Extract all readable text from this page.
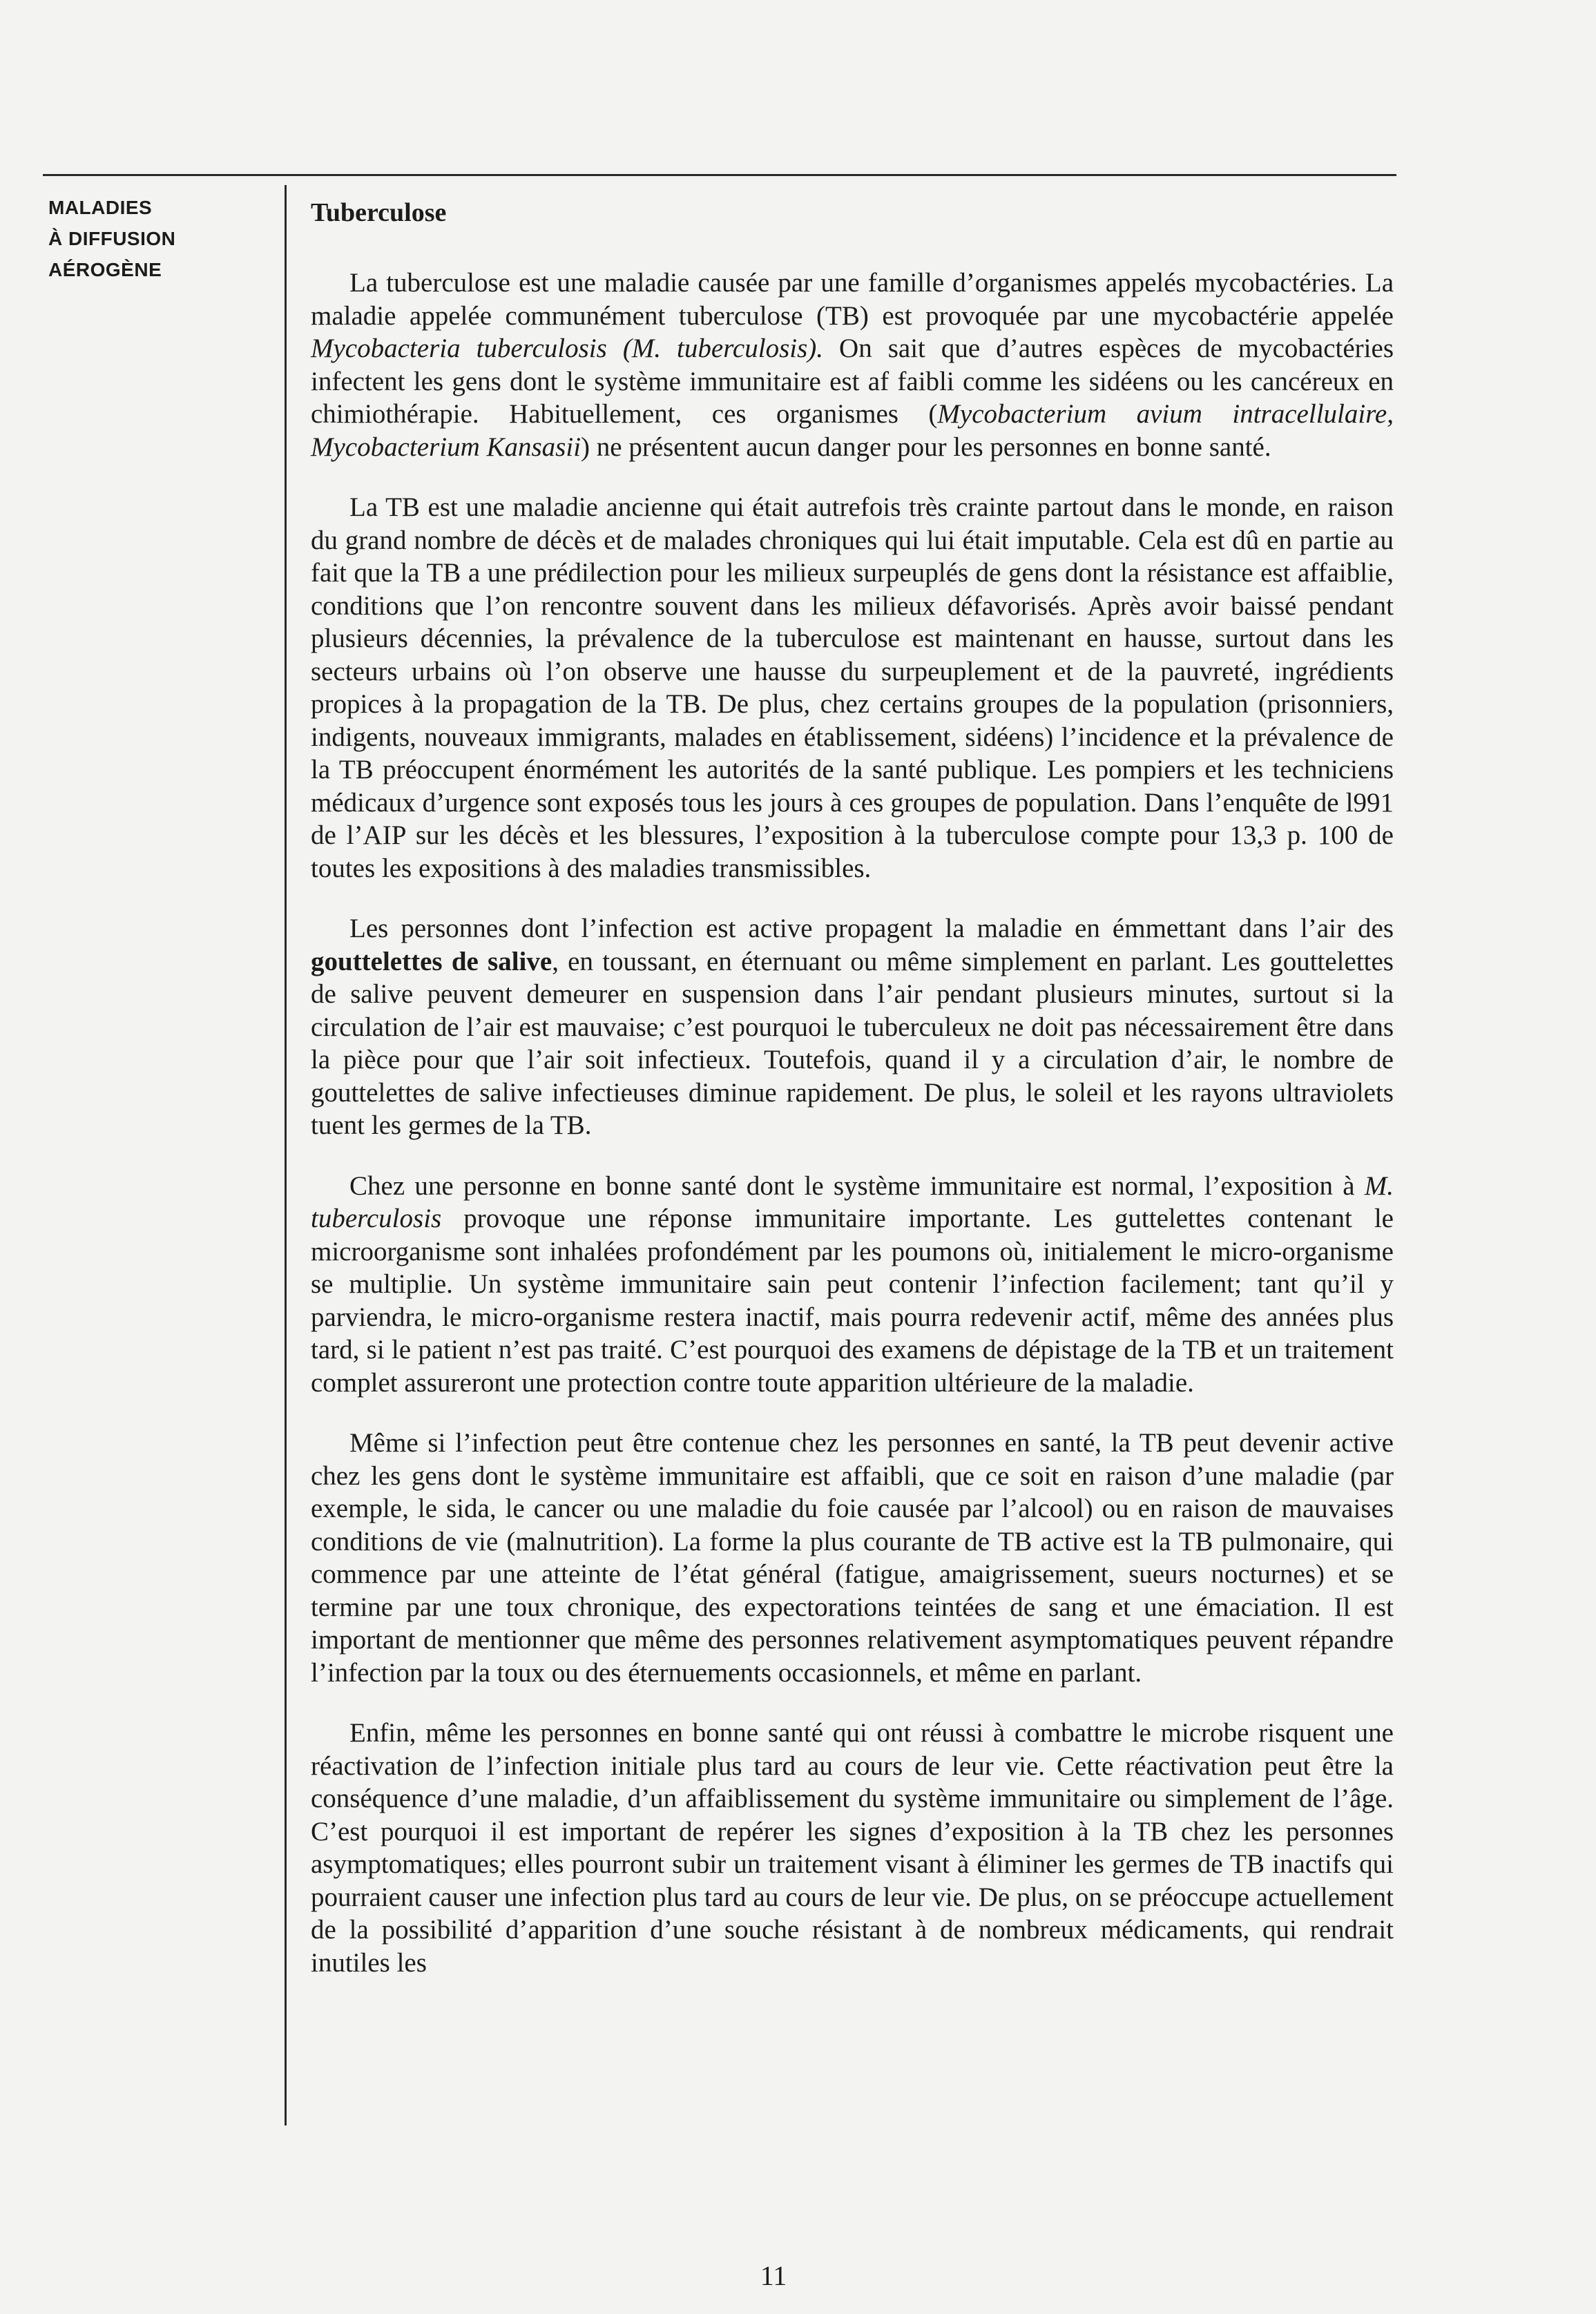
MALADIES
À DIFFUSION
AÉROGÈNE
Tuberculose

La tuberculose est une maladie causée par une famille d’organismes appelés mycobactéries. La maladie appelée communément tuberculose (TB) est provoquée par une mycobactérie appelée Mycobacteria tuberculosis (M. tuberculosis). On sait que d’autres espèces de mycobactéries infectent les gens dont le système immunitaire est af faibli comme les sidéens ou les cancéreux en chimiothérapie. Habituellement, ces organismes (Mycobacterium avium intracellulaire, Mycobacterium Kansasii) ne présentent aucun danger pour les personnes en bonne santé.

La TB est une maladie ancienne qui était autrefois très crainte partout dans le monde, en raison du grand nombre de décès et de malades chroniques qui lui était imputable. Cela est dû en partie au fait que la TB a une prédilection pour les milieux surpeuplés de gens dont la résistance est affaiblie, conditions que l’on rencontre souvent dans les milieux défavorisés. Après avoir baissé pendant plusieurs décennies, la prévalence de la tuberculose est maintenant en hausse, surtout dans les secteurs urbains où l’on observe une hausse du surpeuplement et de la pauvreté, ingrédients propices à la propagation de la TB. De plus, chez certains groupes de la population (prisonniers, indigents, nouveaux immigrants, malades en établissement, sidéens) l’incidence et la prévalence de la TB préoccupent énormément les autorités de la santé publique. Les pompiers et les techniciens médicaux d’urgence sont exposés tous les jours à ces groupes de population. Dans l’enquête de l991 de l’AIP sur les décès et les blessures, l’exposition à la tuberculose compte pour 13,3 p. 100 de toutes les expositions à des maladies transmissibles.

Les personnes dont l’infection est active propagent la maladie en émmettant dans l’air des gouttelettes de salive, en toussant, en éternuant ou même simplement en parlant. Les gouttelettes de salive peuvent demeurer en suspension dans l’air pendant plusieurs minutes, surtout si la circulation de l’air est mauvaise; c’est pourquoi le tuberculeux ne doit pas nécessairement être dans la pièce pour que l’air soit infectieux. Toutefois, quand il y a circulation d’air, le nombre de gouttelettes de salive infectieuses diminue rapidement. De plus, le soleil et les rayons ultraviolets tuent les germes de la TB.

Chez une personne en bonne santé dont le système immunitaire est normal, l’exposition à M. tuberculosis provoque une réponse immunitaire importante. Les guttelettes contenant le microorganisme sont inhalées profondément par les poumons où, initialement le micro-organisme se multiplie. Un système immunitaire sain peut contenir l’infection facilement; tant qu’il y parviendra, le micro-organisme restera inactif, mais pourra redevenir actif, même des années plus tard, si le patient n’est pas traité. C’est pourquoi des examens de dépistage de la TB et un traitement complet assureront une protection contre toute apparition ultérieure de la maladie.

Même si l’infection peut être contenue chez les personnes en santé, la TB peut devenir active chez les gens dont le système immunitaire est affaibli, que ce soit en raison d’une maladie (par exemple, le sida, le cancer ou une maladie du foie causée par l’alcool) ou en raison de mauvaises conditions de vie (malnutrition). La forme la plus courante de TB active est la TB pulmonaire, qui commence par une atteinte de l’état général (fatigue, amaigrissement, sueurs nocturnes) et se termine par une toux chronique, des expectorations teintées de sang et une émaciation. Il est important de mentionner que même des personnes relativement asymptomatiques peuvent répandre l’infection par la toux ou des éternuements occasionnels, et même en parlant.

Enfin, même les personnes en bonne santé qui ont réussi à combattre le microbe risquent une réactivation de l’infection initiale plus tard au cours de leur vie. Cette réactivation peut être la conséquence d’une maladie, d’un affaiblissement du système immunitaire ou simplement de l’âge. C’est pourquoi il est important de repérer les signes d’exposition à la TB chez les personnes asymptomatiques; elles pourront subir un traitement visant à éliminer les germes de TB inactifs qui pourraient causer une infection plus tard au cours de leur vie. De plus, on se préoccupe actuellement de la possibilité d’apparition d’une souche résistant à de nombreux médicaments, qui rendrait inutiles les

11
